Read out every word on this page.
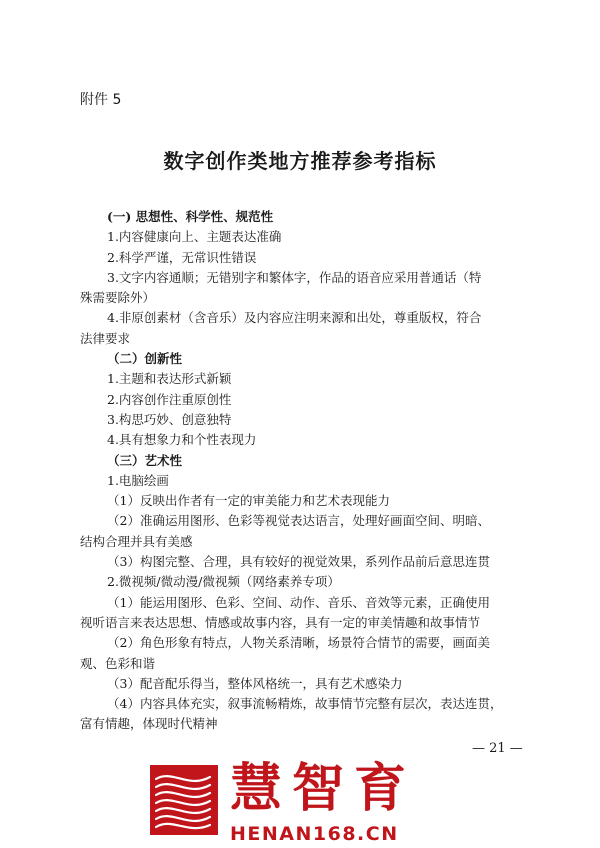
附件 5
数字创作类地方推荐参考指标

(一) 思想性、科学性、规范性

1.内容健康向上、主题表达准确

2.科学严谨，无常识性错误

3.文字内容通顺；无错别字和繁体字，作品的语音应采用普通话（特

殊需要除外）

4.非原创素材（含音乐）及内容应注明来源和出处，尊重版权，符合

法律要求

（二）创新性

1.主题和表达形式新颖

2.内容创作注重原创性

3.构思巧妙、创意独特

4.具有想象力和个性表现力

（三）艺术性

1.电脑绘画

（1）反映出作者有一定的审美能力和艺术表现能力

（2）准确运用图形、色彩等视觉表达语言，处理好画面空间、明暗、

结构合理并具有美感

（3）构图完整、合理，具有较好的视觉效果，系列作品前后意思连贯

2.微视频/微动漫/微视频（网络素养专项）

（1）能运用图形、色彩、空间、动作、音乐、音效等元素，正确使用

视听语言来表达思想、情感或故事内容，具有一定的审美情趣和故事情节

（2）角色形象有特点，人物关系清晰，场景符合情节的需要，画面美

观、色彩和谐

（3）配音配乐得当，整体风格统一，具有艺术感染力

（4）内容具体充实，叙事流畅精炼，故事情节完整有层次，表达连贯，

富有情趣，体现时代精神

— 21 —
慧智育
HENAN168.CN
